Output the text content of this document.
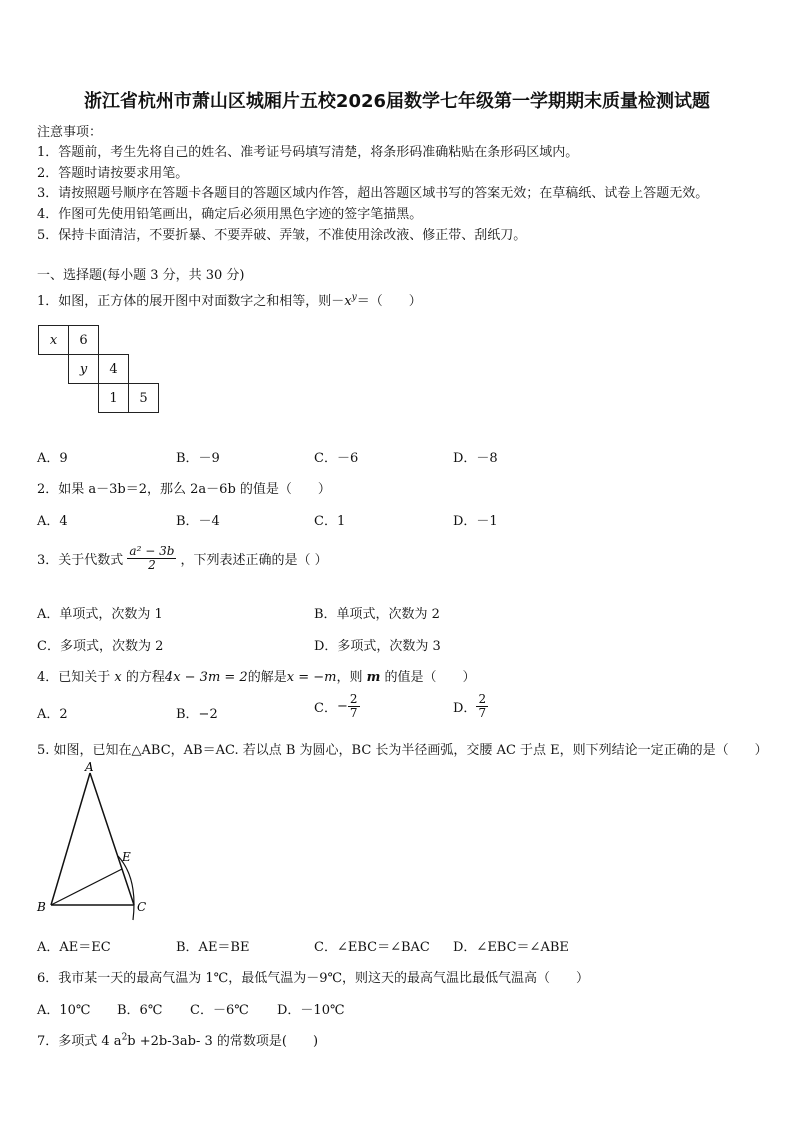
浙江省杭州市萧山区城厢片五校2026届数学七年级第一学期期末质量检测试题
注意事项：
1．答题前，考生先将自己的姓名、准考证号码填写清楚，将条形码准确粘贴在条形码区域内。
2．答题时请按要求用笔。
3．请按照题号顺序在答题卡各题目的答题区域内作答，超出答题区域书写的答案无效；在草稿纸、试卷上答题无效。
4．作图可先使用铅笔画出，确定后必须用黑色字迹的签字笔描黑。
5．保持卡面清洁，不要折暴、不要弄破、弄皱，不准使用涂改液、修正带、刮纸刀。
一、选择题(每小题 3 分，共 30 分)
1．如图，正方体的展开图中对面数字之和相等，则$-x^y=$（　　）
x	6		
	y	4	
		1	5
A．9	B．－9	C．－6	D．－8
2．如果 a－3b＝2，那么 2a－6b 的值是（　　）
A．4	B．－4	C．1	D．－1
3．关于代数式 $\frac{\text{a² − 3b}}{2}$ ，下列表述正确的是（ ）
A．单项式，次数为 1	B．单项式，次数为 2
C．多项式，次数为 2	D．多项式，次数为 3
4．已知关于 x 的方程4x − 3m = 2的解是x = −m，则 m 的值是（　　）
A．2	B．−2	C．− $\frac{2}{7}$	D． $\frac{2}{7}$
5. 如图，已知在△ABC，AB＝AC. 若以点 B 为圆心，BC 长为半径画弧，交腰 AC 于点 E，则下列结论一定正确的是（　　）
A
B	C
E
A．AE＝EC	B．AE＝BE	C．∠EBC＝∠BAC D．∠EBC＝∠ABE
6．我市某一天的最高气温为 1℃，最低气温为－9℃，则这天的最高气温比最低气温高（　　）
A．10℃ B．6℃ C．－6℃ D．－10℃
7．多项式 4 $a^2b +2b-3ab-$ 3 的常数项是(　　)
